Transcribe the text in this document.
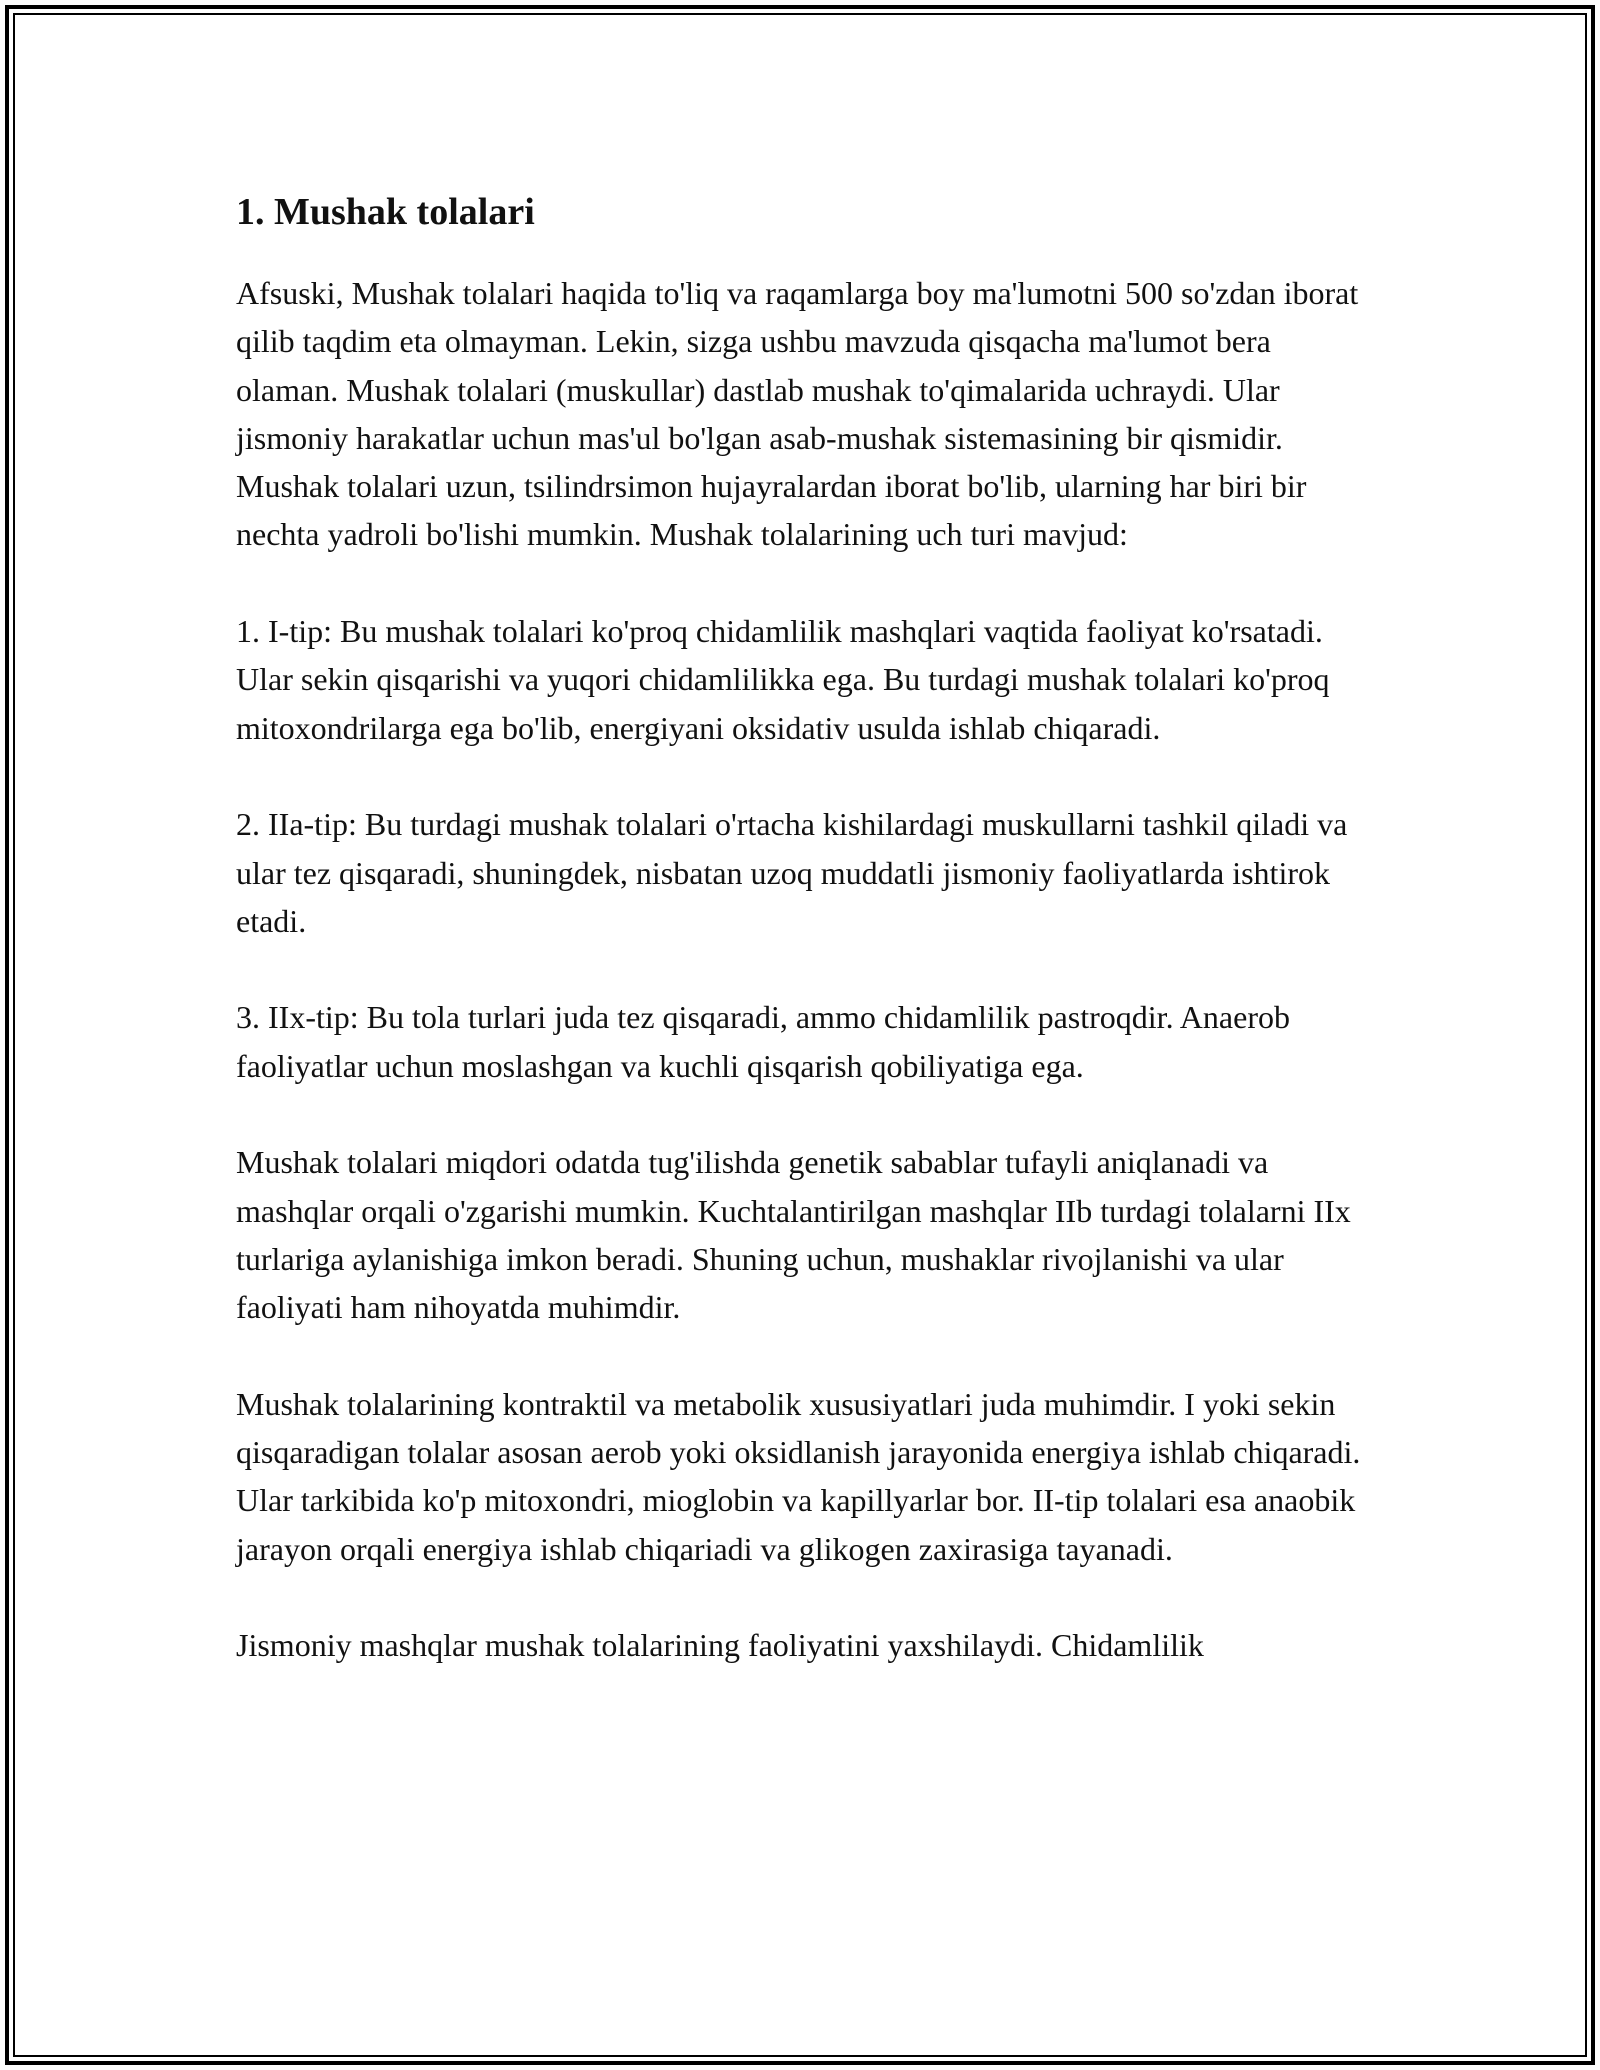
1. Mushak tolalari

Afsuski, Mushak tolalari haqida to'liq va raqamlarga boy ma'lumotni 500 so'zdan iborat qilib taqdim eta olmayman. Lekin, sizga ushbu mavzuda qisqacha ma'lumot bera olaman. Mushak tolalari (muskullar) dastlab mushak to'qimalarida uchraydi. Ular jismoniy harakatlar uchun mas'ul bo'lgan asab-mushak sistemasining bir qismidir. Mushak tolalari uzun, tsilindrsimon hujayralardan iborat bo'lib, ularning har biri bir nechta yadroli bo'lishi mumkin. Mushak tolalarining uch turi mavjud:

1. I-tip: Bu mushak tolalari ko'proq chidamlilik mashqlari vaqtida faoliyat ko'rsatadi. Ular sekin qisqarishi va yuqori chidamlilikka ega. Bu turdagi mushak tolalari ko'proq mitoxondrilarga ega bo'lib, energiyani oksidativ usulda ishlab chiqaradi.

2. IIa-tip: Bu turdagi mushak tolalari o'rtacha kishilardagi muskullarni tashkil qiladi va ular tez qisqaradi, shuningdek, nisbatan uzoq muddatli jismoniy faoliyatlarda ishtirok etadi.

3. IIx-tip: Bu tola turlari juda tez qisqaradi, ammo chidamlilik pastroqdir. Anaerob faoliyatlar uchun moslashgan va kuchli qisqarish qobiliyatiga ega.

Mushak tolalari miqdori odatda tug'ilishda genetik sabablar tufayli aniqlanadi va mashqlar orqali o'zgarishi mumkin. Kuchtalantirilgan mashqlar IIb turdagi tolalarni IIx turlariga aylanishiga imkon beradi. Shuning uchun, mushaklar rivojlanishi va ular faoliyati ham nihoyatda muhimdir.

Mushak tolalarining kontraktil va metabolik xususiyatlari juda muhimdir. I yoki sekin qisqaradigan tolalar asosan aerob yoki oksidlanish jarayonida energiya ishlab chiqaradi. Ular tarkibida ko'p mitoxondri, mioglobin va kapillyarlar bor. II-tip tolalari esa anaobik jarayon orqali energiya ishlab chiqariadi va glikogen zaxirasiga tayanadi.

Jismoniy mashqlar mushak tolalarining faoliyatini yaxshilaydi. Chidamlilik
